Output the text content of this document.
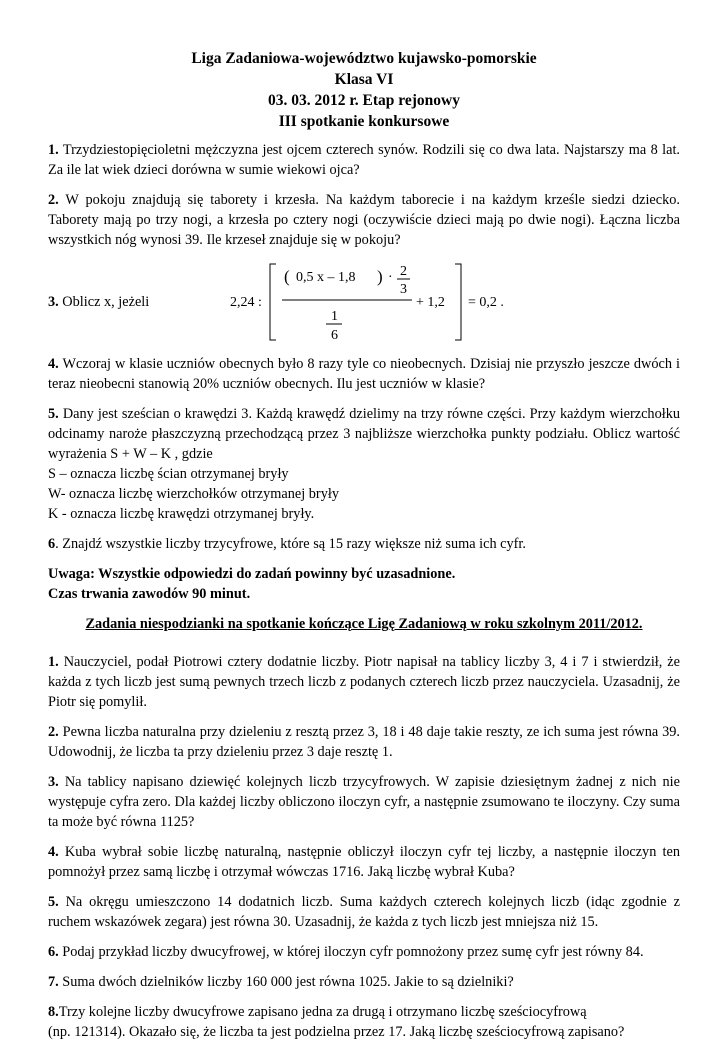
Liga Zadaniowa-województwo kujawsko-pomorskie
Klasa VI
03. 03. 2012 r. Etap rejonowy
III spotkanie konkursowe

1. Trzydziestopięcioletni mężczyzna jest ojcem czterech synów. Rodzili się co dwa lata. Najstarszy ma 8 lat. Za ile lat wiek dzieci dorówna w sumie wiekowi ojca?

2. W pokoju znajdują się taborety i krzesła. Na każdym taborecie i na każdym krześle siedzi dziecko. Taborety mają po trzy nogi, a krzesła po cztery nogi (oczywiście dzieci mają po dwie nogi). Łączna liczba wszystkich nóg wynosi 39. Ile krzeseł znajduje się w pokoju?

3. Oblicz x, jeżeli	2,24 :
( 0,5 x – 1,8 ) · 2
3
+ 1,2
1
6
= 0,2 .

4. Wczoraj w klasie uczniów obecnych było 8 razy tyle co nieobecnych. Dzisiaj nie przyszło jeszcze dwóch i teraz nieobecni stanowią 20% uczniów obecnych. Ilu jest uczniów w klasie?

5. Dany jest sześcian o krawędzi 3. Każdą krawędź dzielimy na trzy równe części. Przy każdym wierzchołku odcinamy naroże płaszczyzną przechodzącą przez 3 najbliższe wierzchołka punkty podziału. Oblicz wartość wyrażenia S + W – K , gdzie

S – oznacza liczbę ścian otrzymanej bryły
W- oznacza liczbę wierzchołków otrzymanej bryły
K - oznacza liczbę krawędzi otrzymanej bryły.

6. Znajdź wszystkie liczby trzycyfrowe, które są 15 razy większe niż suma ich cyfr.

Uwaga: Wszystkie odpowiedzi do zadań powinny być uzasadnione.

Czas trwania zawodów 90 minut.

Zadania niespodzianki na spotkanie kończące Ligę Zadaniową w roku szkolnym 2011/2012.

1. Nauczyciel, podał Piotrowi cztery dodatnie liczby. Piotr napisał na tablicy liczby 3, 4 i 7 i stwierdził, że każda z tych liczb jest sumą pewnych trzech liczb z podanych czterech liczb przez nauczyciela. Uzasadnij, że Piotr się pomylił.

2. Pewna liczba naturalna przy dzieleniu z resztą przez 3, 18 i 48 daje takie reszty, ze ich suma jest równa 39. Udowodnij, że liczba ta przy dzieleniu przez 3 daje resztę 1.

3. Na tablicy napisano dziewięć kolejnych liczb trzycyfrowych. W zapisie dziesiętnym żadnej z nich nie występuje cyfra zero. Dla każdej liczby obliczono iloczyn cyfr, a następnie zsumowano te iloczyny. Czy suma ta może być równa 1125?

4. Kuba wybrał sobie liczbę naturalną, następnie obliczył iloczyn cyfr tej liczby, a następnie iloczyn ten pomnożył przez samą liczbę i otrzymał wówczas 1716. Jaką liczbę wybrał Kuba?

5. Na okręgu umieszczono 14 dodatnich liczb. Suma każdych czterech kolejnych liczb (idąc zgodnie z ruchem wskazówek zegara) jest równa 30. Uzasadnij, że każda z tych liczb jest mniejsza niż 15.

6. Podaj przykład liczby dwucyfrowej, w której iloczyn cyfr pomnożony przez sumę cyfr jest równy 84.

7. Suma dwóch dzielników liczby 160 000 jest równa 1025. Jakie to są dzielniki?

8.Trzy kolejne liczby dwucyfrowe zapisano jedna za drugą i otrzymano liczbę sześciocyfrową

(np. 121314). Okazało się, że liczba ta jest podzielna przez 17. Jaką liczbę sześciocyfrową zapisano?
